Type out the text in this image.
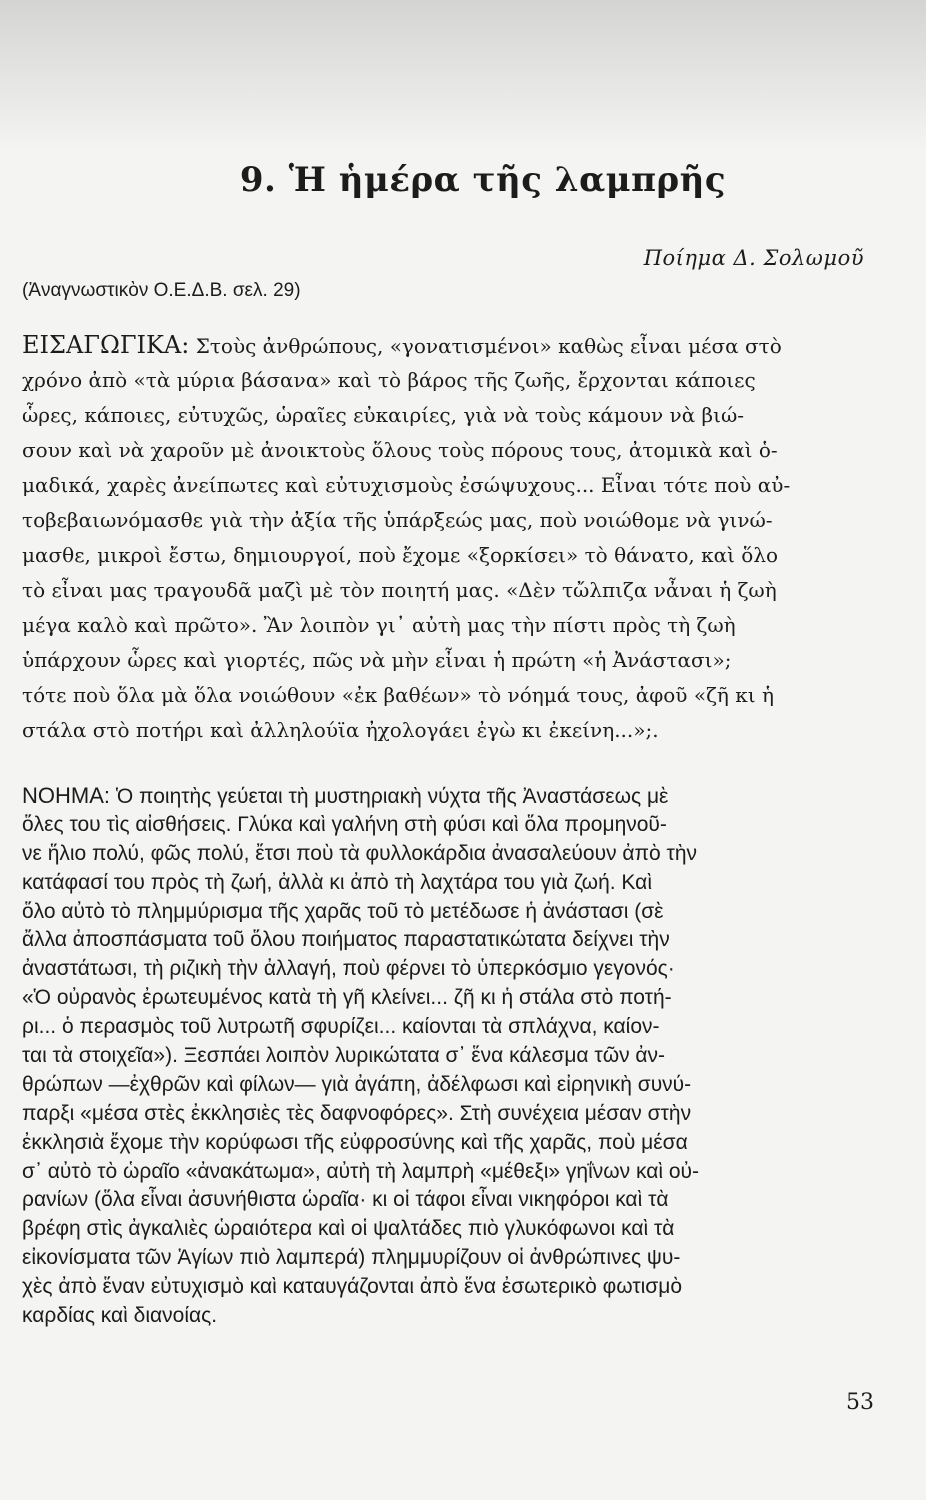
9. Ἡ ἡμέρα τῆς λαμπρῆς
Ποίημα Δ. Σολωμοῦ
(Ἀναγνωστικὸν Ο.Ε.Δ.Β. σελ. 29)
ΕΙΣΑΓΩΓΙΚΑ: Στοὺς ἀνθρώπους, «γονατισμένοι» καθὼς εἶναι μέσα στὸ
χρόνο ἀπὸ «τὰ μύρια βάσανα» καὶ τὸ βάρος τῆς ζωῆς, ἔρχονται κάποιες
ὧρες, κάποιες, εὐτυχῶς, ὡραῖες εὐκαιρίες, γιὰ νὰ τοὺς κάμουν νὰ βιώ-
σουν καὶ νὰ χαροῦν μὲ ἀνοικτοὺς ὅλους τοὺς πόρους τους, ἀτομικὰ καὶ ὁ-
μαδικά, χαρὲς ἀνείπωτες καὶ εὐτυχισμοὺς ἐσώψυχους... Εἶναι τότε ποὺ αὐ-
τοβεβαιωνόμασθε γιὰ τὴν ἀξία τῆς ὑπάρξεώς μας, ποὺ νοιώθομε νὰ γινώ-
μασθε, μικροὶ ἔστω, δημιουργοί, ποὺ ἔχομε «ξορκίσει» τὸ θάνατο, καὶ ὅλο
τὸ εἶναι μας τραγουδᾶ μαζὶ μὲ τὸν ποιητή μας. «Δὲν τὤλπιζα νἆναι ἡ ζωὴ
μέγα καλὸ καὶ πρῶτο». Ἂν λοιπὸν γι᾿ αὐτὴ μας τὴν πίστι πρὸς τὴ ζωὴ
ὑπάρχουν ὧρες καὶ γιορτές, πῶς νὰ μὴν εἶναι ἡ πρώτη «ἡ Ἀνάστασι»;
τότε ποὺ ὅλα μὰ ὅλα νοιώθουν «ἐκ βαθέων» τὸ νόημά τους, ἀφοῦ «ζῆ κι ἡ
στάλα στὸ ποτήρι καὶ ἀλληλούϊα ἠχολογάει ἐγὼ κι ἐκείνη...»;.
ΝΟΗΜΑ: Ὁ ποιητὴς γεύεται τὴ μυστηριακὴ νύχτα τῆς Ἀναστάσεως μὲ
ὅλες του τὶς αἰσθήσεις. Γλύκα καὶ γαλήνη στὴ φύσι καὶ ὅλα προμηνοῦ-
νε ἥλιο πολύ, φῶς πολύ, ἔτσι ποὺ τὰ φυλλοκάρδια ἀνασαλεύουν ἀπὸ τὴν
κατάφασί του πρὸς τὴ ζωή, ἀλλὰ κι ἀπὸ τὴ λαχτάρα του γιὰ ζωή. Καὶ
ὅλο αὐτὸ τὸ πλημμύρισμα τῆς χαρᾶς τοῦ τὸ μετέδωσε ἡ ἀνάστασι (σὲ
ἄλλα ἀποσπάσματα τοῦ ὅλου ποιήματος παραστατικώτατα δείχνει τὴν
ἀναστάτωσι, τὴ ριζικὴ τὴν ἀλλαγή, ποὺ φέρνει τὸ ὑπερκόσμιο γεγονός·
«Ὁ οὐρανὸς ἐρωτευμένος κατὰ τὴ γῆ κλείνει... ζῆ κι ἡ στάλα στὸ ποτή-
ρι... ὁ περασμὸς τοῦ λυτρωτῆ σφυρίζει... καίονται τὰ σπλάχνα, καίον-
ται τὰ στοιχεῖα»). Ξεσπάει λοιπὸν λυρικώτατα σ᾿ ἕνα κάλεσμα τῶν ἀν-
θρώπων —ἐχθρῶν καὶ φίλων— γιὰ ἀγάπη, ἀδέλφωσι καὶ εἰρηνικὴ συνύ-
παρξι «μέσα στὲς ἐκκλησιὲς τὲς δαφνοφόρες». Στὴ συνέχεια μέσαν στὴν
ἐκκλησιὰ ἔχομε τὴν κορύφωσι τῆς εὐφροσύνης καὶ τῆς χαρᾶς, ποὺ μέσα
σ᾿ αὐτὸ τὸ ὡραῖο «ἀνακάτωμα», αὐτὴ τὴ λαμπρὴ «μέθεξι» γηΐνων καὶ οὐ-
ρανίων (ὅλα εἶναι ἀσυνήθιστα ὡραῖα· κι οἱ τάφοι εἶναι νικηφόροι καὶ τὰ
βρέφη στὶς ἀγκαλιὲς ὡραιότερα καὶ οἱ ψαλτάδες πιὸ γλυκόφωνοι καὶ τὰ
εἰκονίσματα τῶν Ἁγίων πιὸ λαμπερά) πλημμυρίζουν οἱ ἀνθρώπινες ψυ-
χὲς ἀπὸ ἕναν εὐτυχισμὸ καὶ καταυγάζονται ἀπὸ ἕνα ἐσωτερικὸ φωτισμὸ
καρδίας καὶ διανοίας.
53
